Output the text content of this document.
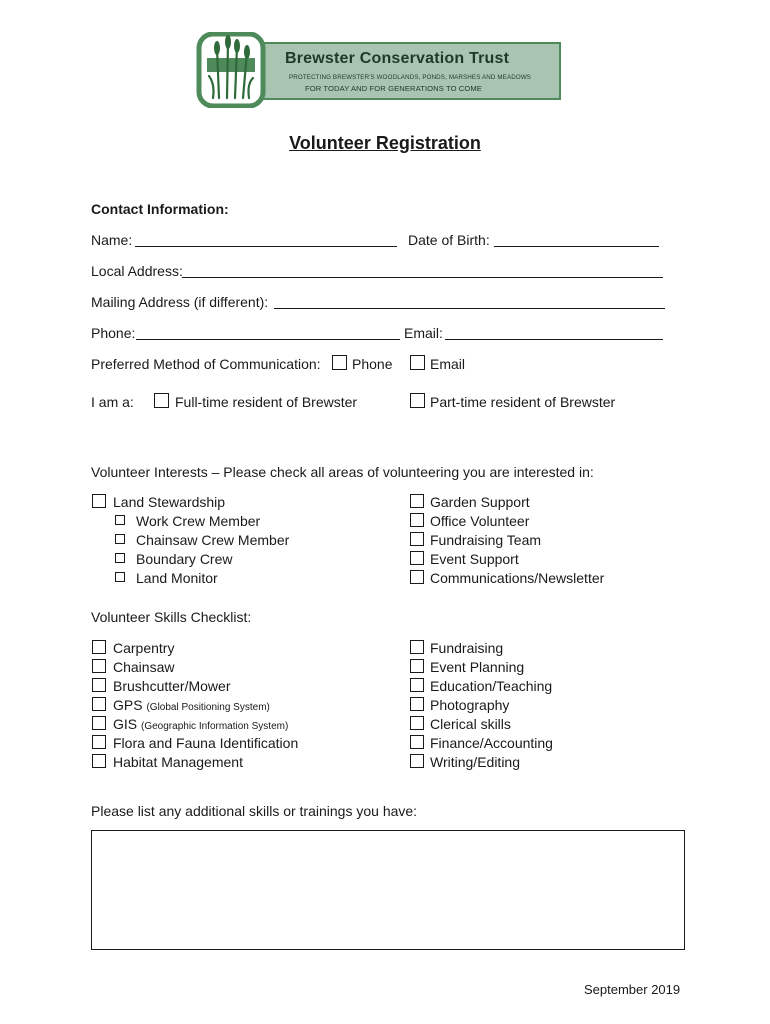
Brewster Conservation Trust
PROTECTING BREWSTER'S WOODLANDS, PONDS, MARSHES AND MEADOWS
FOR TODAY AND FOR GENERATIONS TO COME
Volunteer Registration
Contact Information:
Name:	Date of Birth:
Local Address:
Mailing Address (if different):
Phone:	Email:
Preferred Method of Communication: Phone	Email
I am a:	Full-time resident of Brewster	Part-time resident of Brewster
Volunteer Interests – Please check all areas of volunteering you are interested in:
Land Stewardship
Work Crew Member
Chainsaw Crew Member
Boundary Crew
Land Monitor
Garden Support
Office Volunteer
Fundraising Team
Event Support
Communications/Newsletter
Volunteer Skills Checklist:
Carpentry
Chainsaw
Brushcutter/Mower
GPS (Global Positioning System)
GIS (Geographic Information System)
Flora and Fauna Identification
Habitat Management
Fundraising
Event Planning
Education/Teaching
Photography
Clerical skills
Finance/Accounting
Writing/Editing
Please list any additional skills or trainings you have:
September 2019
